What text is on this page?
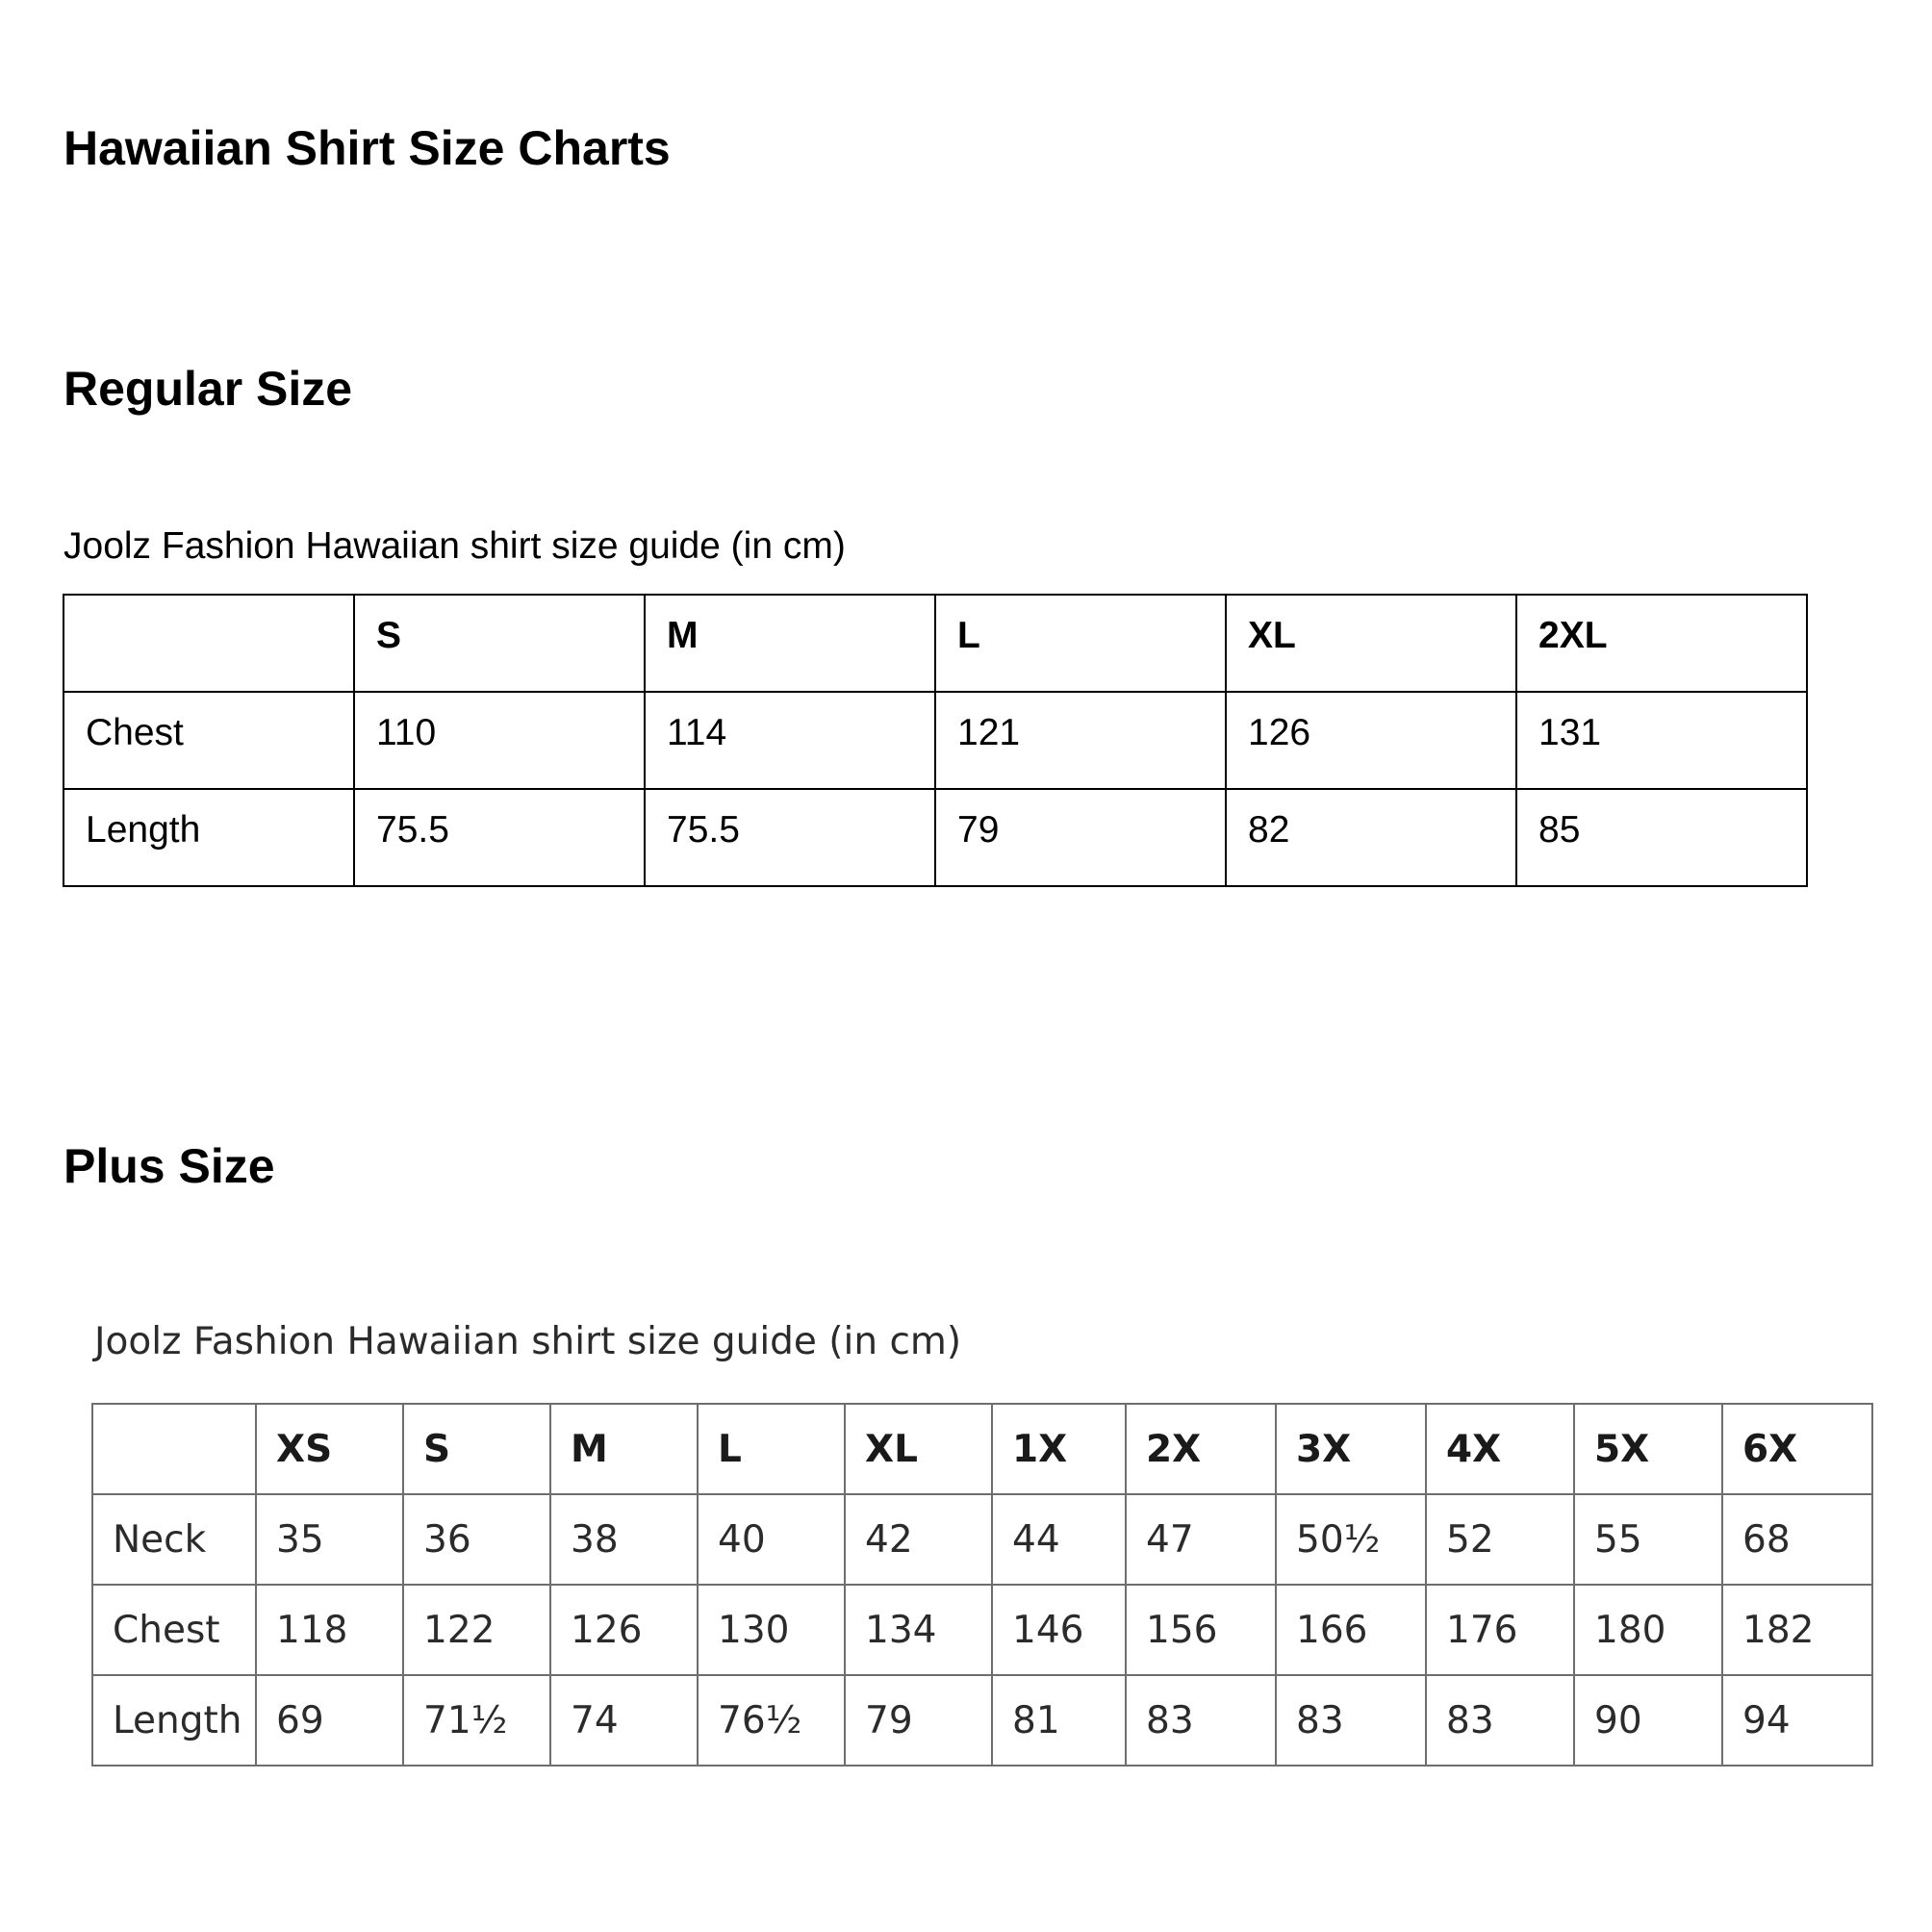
Hawaiian Shirt Size Charts
Regular Size

Joolz Fashion Hawaiian shirt size guide (in cm)

	S	M	L	XL	2XL
Chest	110	114	121	126	131
Length	75.5	75.5	79	82	85
Plus Size

Joolz Fashion Hawaiian shirt size guide (in cm)

	XS	S	M	L	XL	1X	2X	3X	4X	5X	6X
Neck	35	36	38	40	42	44	47	50½	52	55	68
Chest	118	122	126	130	134	146	156	166	176	180	182
Length	69	71½	74	76½	79	81	83	83	83	90	94
